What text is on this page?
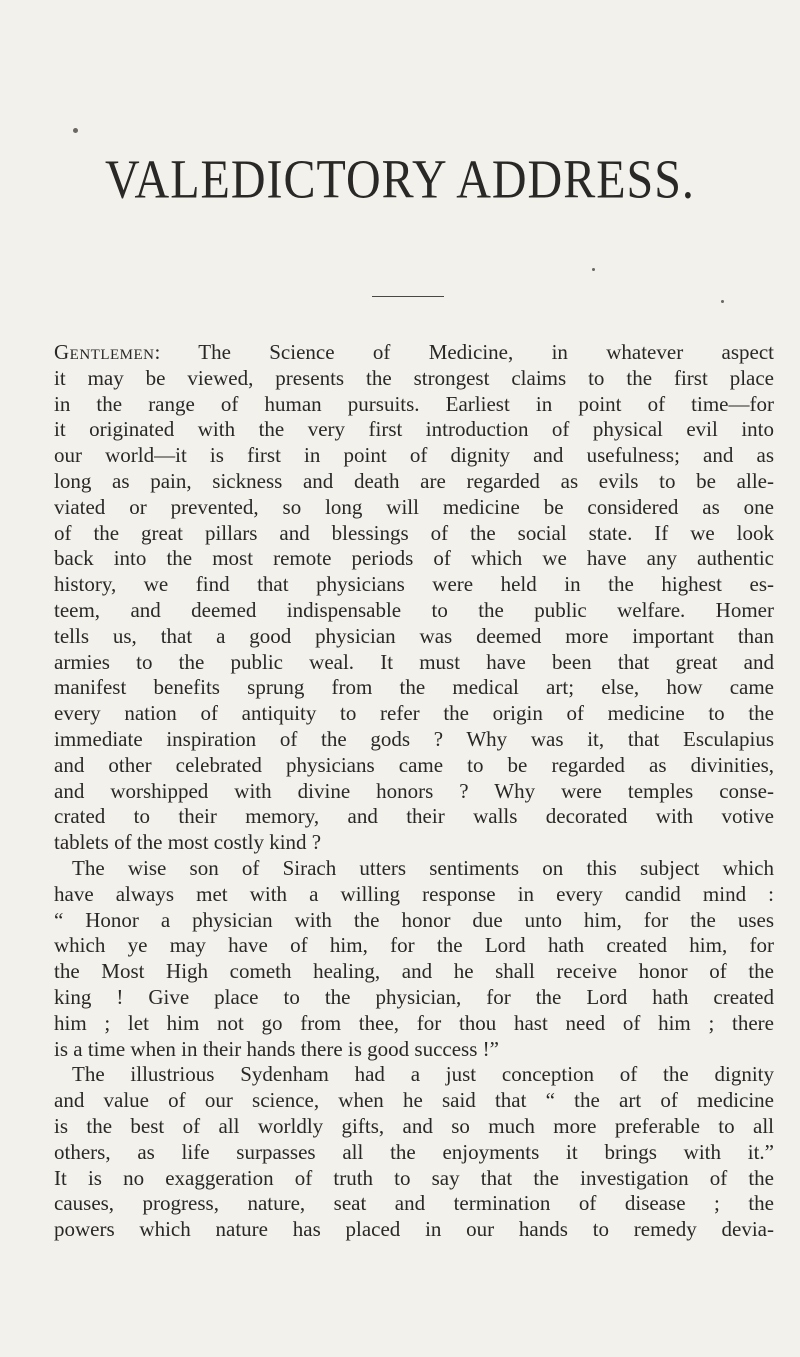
VALEDICTORY ADDRESS.
Gentlemen: The Science of Medicine, in whatever aspect
it may be viewed, presents the strongest claims to the first place
in the range of human pursuits. Earliest in point of time—for
it originated with the very first introduction of physical evil into
our world—it is first in point of dignity and usefulness; and as
long as pain, sickness and death are regarded as evils to be alle-
viated or prevented, so long will medicine be considered as one
of the great pillars and blessings of the social state. If we look
back into the most remote periods of which we have any authentic
history, we find that physicians were held in the highest es-
teem, and deemed indispensable to the public welfare. Homer
tells us, that a good physician was deemed more important than
armies to the public weal. It must have been that great and
manifest benefits sprung from the medical art; else, how came
every nation of antiquity to refer the origin of medicine to the
immediate inspiration of the gods ? Why was it, that Esculapius
and other celebrated physicians came to be regarded as divinities,
and worshipped with divine honors ? Why were temples conse-
crated to their memory, and their walls decorated with votive
tablets of the most costly kind ?
The wise son of Sirach utters sentiments on this subject which
have always met with a willing response in every candid mind :
“ Honor a physician with the honor due unto him, for the uses
which ye may have of him, for the Lord hath created him, for
the Most High cometh healing, and he shall receive honor of the
king ! Give place to the physician, for the Lord hath created
him ; let him not go from thee, for thou hast need of him ; there
is a time when in their hands there is good success !”
The illustrious Sydenham had a just conception of the dignity
and value of our science, when he said that “ the art of medicine
is the best of all worldly gifts, and so much more preferable to all
others, as life surpasses all the enjoyments it brings with it.”
It is no exaggeration of truth to say that the investigation of the
causes, progress, nature, seat and termination of disease ; the
powers which nature has placed in our hands to remedy devia-
